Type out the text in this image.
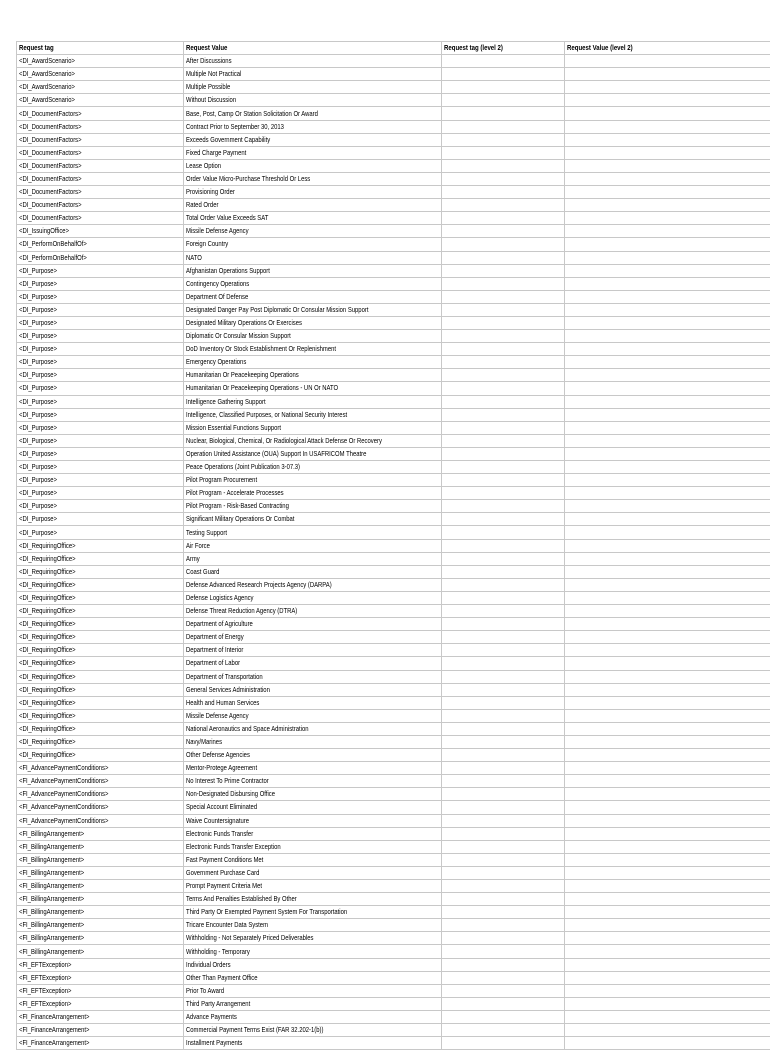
Request tag	Request Value	Request tag (level 2)	Request Value (level 2)
<DI_AwardScenario>	After Discussions		
<DI_AwardScenario>	Multiple Not Practical		
<DI_AwardScenario>	Multiple Possible		
<DI_AwardScenario>	Without Discussion		
<DI_DocumentFactors>	Base, Post, Camp Or Station Solicitation Or Award		
<DI_DocumentFactors>	Contract Prior to September 30, 2013		
<DI_DocumentFactors>	Exceeds Government Capability		
<DI_DocumentFactors>	Fixed Charge Payment		
<DI_DocumentFactors>	Lease Option		
<DI_DocumentFactors>	Order Value Micro-Purchase Threshold Or Less		
<DI_DocumentFactors>	Provisioning Order		
<DI_DocumentFactors>	Rated Order		
<DI_DocumentFactors>	Total Order Value Exceeds SAT		
<DI_IssuingOffice>	Missile Defense Agency		
<DI_PerformOnBehalfOf>	Foreign Country		
<DI_PerformOnBehalfOf>	NATO		
<DI_Purpose>	Afghanistan Operations Support		
<DI_Purpose>	Contingency Operations		
<DI_Purpose>	Department Of Defense		
<DI_Purpose>	Designated Danger Pay Post Diplomatic Or Consular Mission Support		
<DI_Purpose>	Designated Military Operations Or Exercises		
<DI_Purpose>	Diplomatic Or Consular Mission Support		
<DI_Purpose>	DoD Inventory Or Stock Establishment Or Replenishment		
<DI_Purpose>	Emergency Operations		
<DI_Purpose>	Humanitarian Or Peacekeeping Operations		
<DI_Purpose>	Humanitarian Or Peacekeeping Operations - UN Or NATO		
<DI_Purpose>	Intelligence Gathering Support		
<DI_Purpose>	Intelligence, Classified Purposes, or National Security Interest		
<DI_Purpose>	Mission Essential Functions Support		
<DI_Purpose>	Nuclear, Biological, Chemical, Or Radiological Attack Defense Or Recovery		
<DI_Purpose>	Operation United Assistance (OUA) Support In USAFRICOM Theatre		
<DI_Purpose>	Peace Operations (Joint Publication 3-07.3)		
<DI_Purpose>	Pilot Program Procurement		
<DI_Purpose>	Pilot Program - Accelerate Processes		
<DI_Purpose>	Pilot Program - Risk-Based Contracting		
<DI_Purpose>	Significant Military Operations Or Combat		
<DI_Purpose>	Testing Support		
<DI_RequiringOffice>	Air Force		
<DI_RequiringOffice>	Army		
<DI_RequiringOffice>	Coast Guard		
<DI_RequiringOffice>	Defense Advanced Research Projects Agency (DARPA)		
<DI_RequiringOffice>	Defense Logistics Agency		
<DI_RequiringOffice>	Defense Threat Reduction Agency (DTRA)		
<DI_RequiringOffice>	Department of Agriculture		
<DI_RequiringOffice>	Department of Energy		
<DI_RequiringOffice>	Department of Interior		
<DI_RequiringOffice>	Department of Labor		
<DI_RequiringOffice>	Department of Transportation		
<DI_RequiringOffice>	General Services Administration		
<DI_RequiringOffice>	Health and Human Services		
<DI_RequiringOffice>	Missile Defense Agency		
<DI_RequiringOffice>	National Aeronautics and Space Administration		
<DI_RequiringOffice>	Navy/Marines		
<DI_RequiringOffice>	Other Defense Agencies		
<FI_AdvancePaymentConditions>	Mentor-Protege Agreement		
<FI_AdvancePaymentConditions>	No Interest To Prime Contractor		
<FI_AdvancePaymentConditions>	Non-Designated Disbursing Office		
<FI_AdvancePaymentConditions>	Special Account Eliminated		
<FI_AdvancePaymentConditions>	Waive Countersignature		
<FI_BillingArrangement>	Electronic Funds Transfer		
<FI_BillingArrangement>	Electronic Funds Transfer Exception		
<FI_BillingArrangement>	Fast Payment Conditions Met		
<FI_BillingArrangement>	Government Purchase Card		
<FI_BillingArrangement>	Prompt Payment Criteria Met		
<FI_BillingArrangement>	Terms And Penalties Established By Other		
<FI_BillingArrangement>	Third Party Or Exempted Payment System For Transportation		
<FI_BillingArrangement>	Tricare Encounter Data System		
<FI_BillingArrangement>	Withholding - Not Separately Priced Deliverables		
<FI_BillingArrangement>	Withholding - Temporary		
<FI_EFTException>	Individual Orders		
<FI_EFTException>	Other Than Payment Office		
<FI_EFTException>	Prior To Award		
<FI_EFTException>	Third Party Arrangement		
<FI_FinanceArrangement>	Advance Payments		
<FI_FinanceArrangement>	Commercial Payment Terms Exist (FAR 32.202-1(b))		
<FI_FinanceArrangement>	Installment Payments		
